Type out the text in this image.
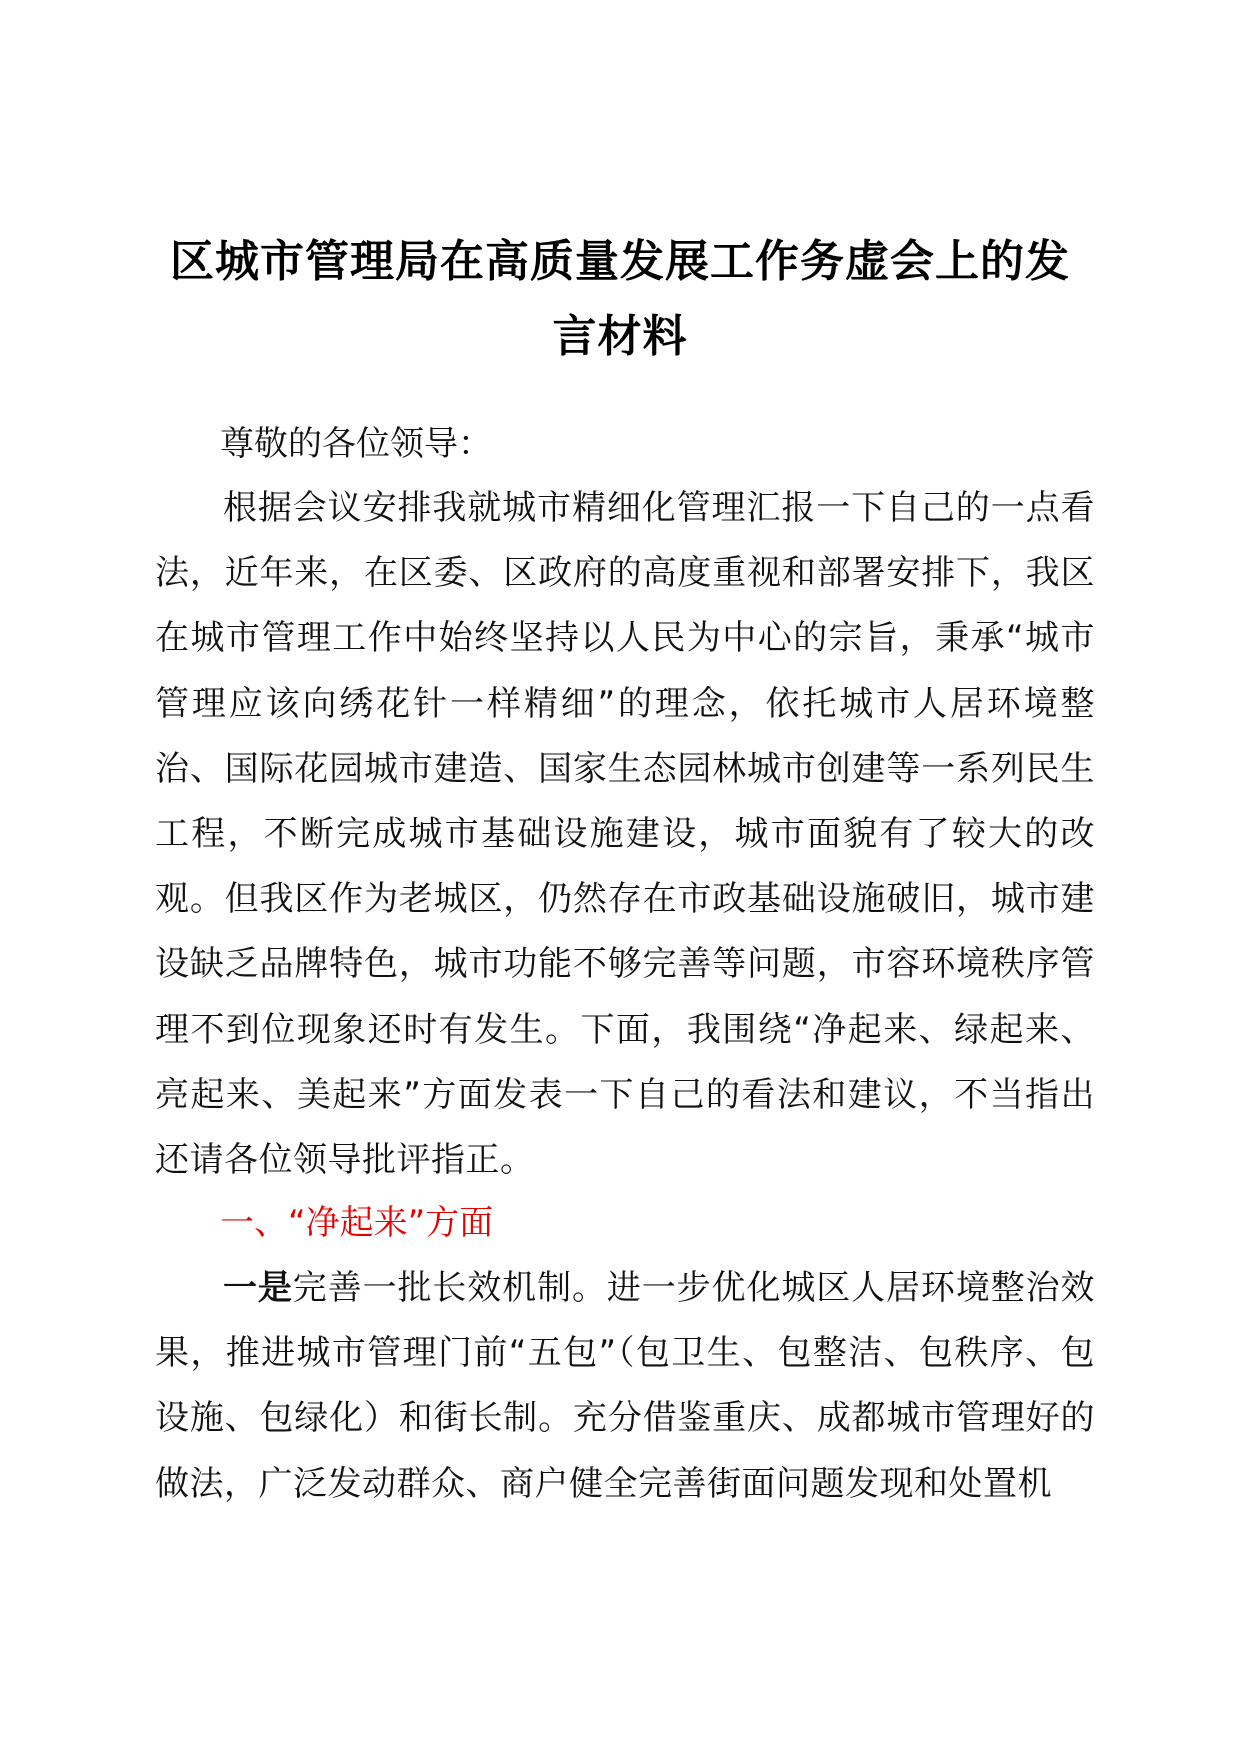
区城市管理局在高质量发展工作务虚会上的发言材料
尊敬的各位领导：
根据会议安排我就城市精细化管理汇报一下自己的一点看法，近年来，在区委、区政府的高度重视和部署安排下，我区在城市管理工作中始终坚持以人民为中心的宗旨，秉承“城市管理应该向绣花针一样精细”的理念，依托城市人居环境整治、国际花园城市建造、国家生态园林城市创建等一系列民生工程，不断完成城市基础设施建设，城市面貌有了较大的改观。但我区作为老城区，仍然存在市政基础设施破旧，城市建设缺乏品牌特色，城市功能不够完善等问题，市容环境秩序管理不到位现象还时有发生。下面，我围绕“净起来、绿起来、亮起来、美起来”方面发表一下自己的看法和建议，不当指出还请各位领导批评指正。
一、“净起来”方面
一是完善一批长效机制。进一步优化城区人居环境整治效果，推进城市管理门前“五包”（包卫生、包整洁、包秩序、包设施、包绿化）和街长制。充分借鉴重庆、成都城市管理好的做法，广泛发动群众、商户健全完善街面问题发现和处置机
